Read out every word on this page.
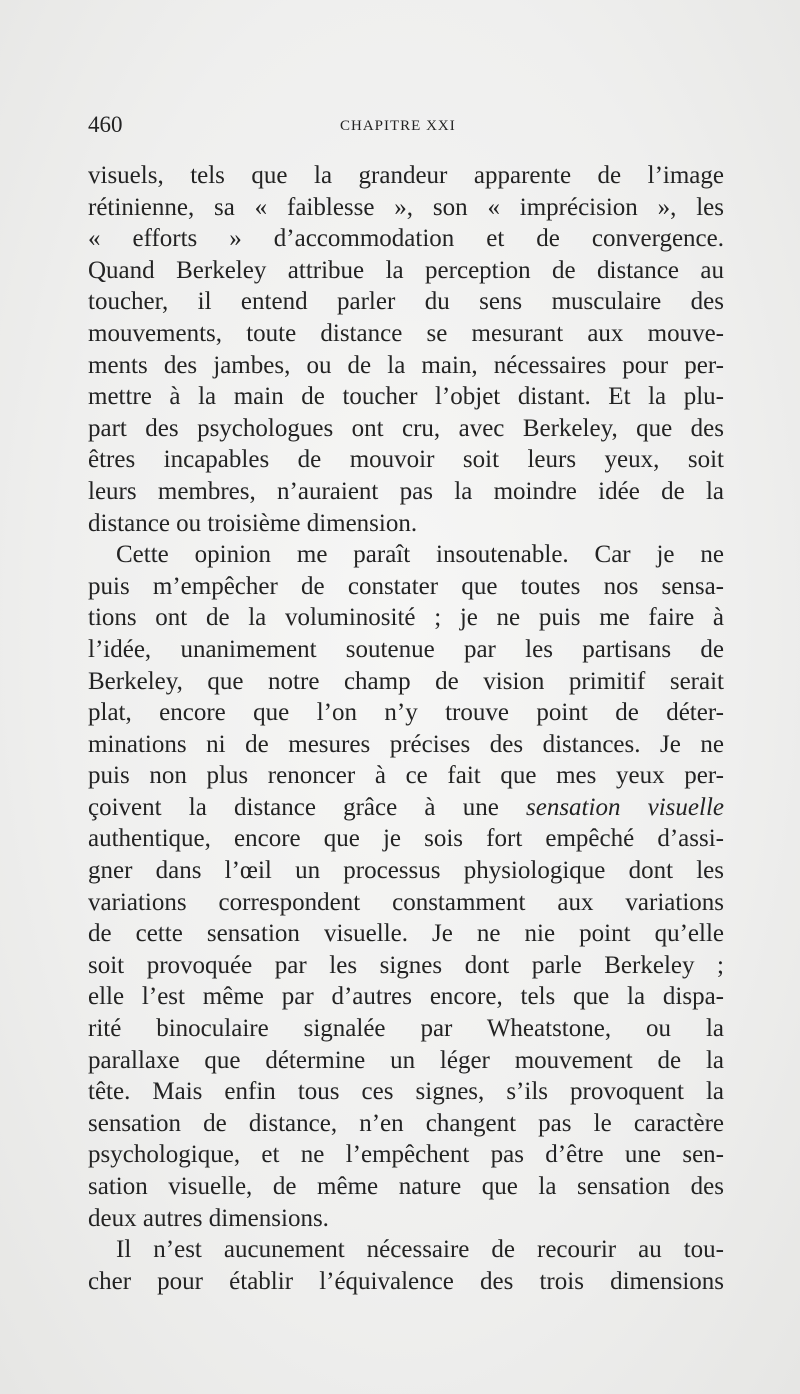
460	CHAPITRE XXI
visuels, tels que la grandeur apparente de l’image
rétinienne, sa « faiblesse », son « imprécision », les
« efforts » d’accommodation et de convergence.
Quand Berkeley attribue la perception de distance au
toucher, il entend parler du sens musculaire des
mouvements, toute distance se mesurant aux mouve-
ments des jambes, ou de la main, nécessaires pour per-
mettre à la main de toucher l’objet distant. Et la plu-
part des psychologues ont cru, avec Berkeley, que des
êtres incapables de mouvoir soit leurs yeux, soit
leurs membres, n’auraient pas la moindre idée de la
distance ou troisième dimension.
Cette opinion me paraît insoutenable. Car je ne
puis m’empêcher de constater que toutes nos sensa-
tions ont de la voluminosité ; je ne puis me faire à
l’idée, unanimement soutenue par les partisans de
Berkeley, que notre champ de vision primitif serait
plat, encore que l’on n’y trouve point de déter-
minations ni de mesures précises des distances. Je ne
puis non plus renoncer à ce fait que mes yeux per-
çoivent la distance grâce à une sensation visuelle
authentique, encore que je sois fort empêché d’assi-
gner dans l’œil un processus physiologique dont les
variations correspondent constamment aux variations
de cette sensation visuelle. Je ne nie point qu’elle
soit provoquée par les signes dont parle Berkeley ;
elle l’est même par d’autres encore, tels que la dispa-
rité binoculaire signalée par Wheatstone, ou la
parallaxe que détermine un léger mouvement de la
tête. Mais enfin tous ces signes, s’ils provoquent la
sensation de distance, n’en changent pas le caractère
psychologique, et ne l’empêchent pas d’être une sen-
sation visuelle, de même nature que la sensation des
deux autres dimensions.
Il n’est aucunement nécessaire de recourir au tou-
cher pour établir l’équivalence des trois dimensions
